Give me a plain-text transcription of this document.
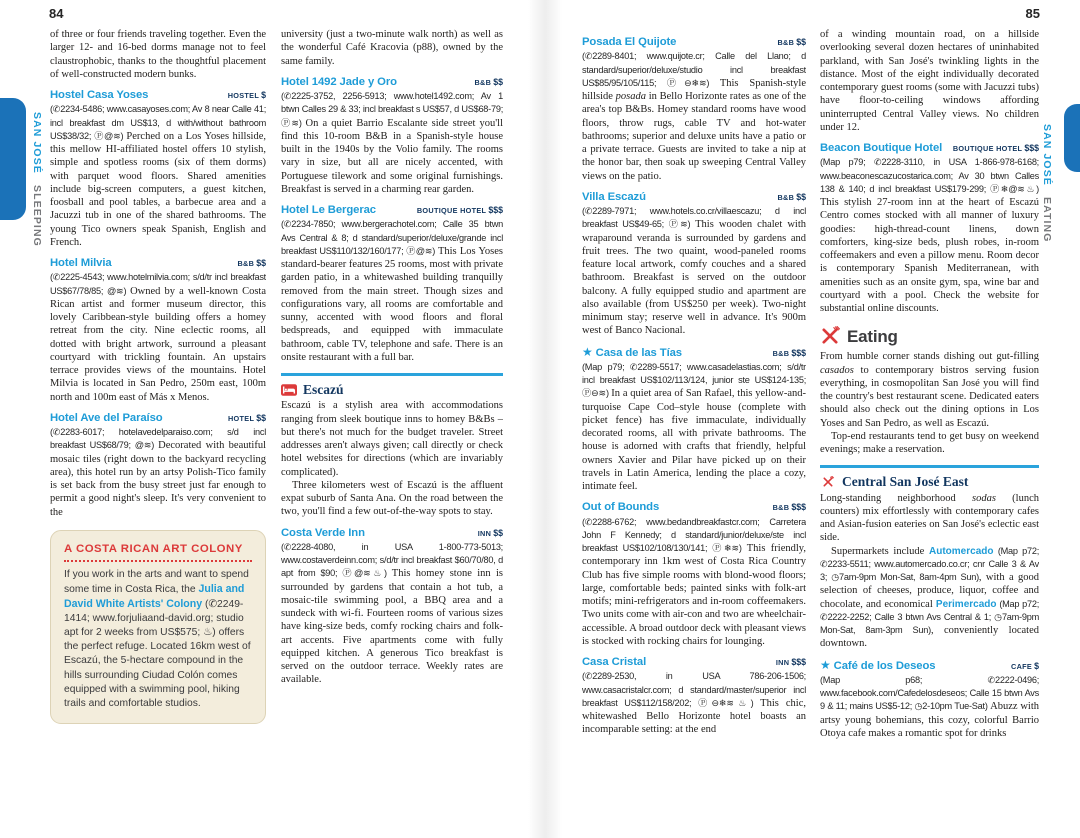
84	85
SAN JOSÉ SLEEPING
SAN JOSÉ EATING

of three or four friends traveling together. Even the larger 12- and 16-bed dorms manage not to feel claustrophobic, thanks to the thoughtful placement of well-constructed modern bunks.

Hostel Casa Yoses	HOSTEL $

(✆2234-5486; www.casayoses.com; Av 8 near Calle 41; incl breakfast dm US$13, d with/without bathroom US$38/32; Ⓟ@≋) Perched on a Los Yoses hillside, this mellow HI-affiliated hostel offers 10 stylish, simple and spotless rooms (six of them dorms) with parquet wood floors. Shared amenities include big-screen computers, a guest kitchen, foosball and pool tables, a barbecue area and a Jacuzzi tub in one of the shared bathrooms. The young Tico owners speak Spanish, English and French.

Hotel Milvia	B&B $$

(✆2225-4543; www.hotelmilvia.com; s/d/tr incl breakfast US$67/78/85; @≋) Owned by a well-known Costa Rican artist and former museum director, this lovely Caribbean-style building offers a homey retreat from the city. Nine eclectic rooms, all dotted with bright artwork, surround a pleasant courtyard with trickling fountain. An upstairs terrace provides views of the mountains. Hotel Milvia is located in San Pedro, 250m east, 100m north and 100m east of Más x Menos.

Hotel Ave del Paraíso	HOTEL $$

(✆2283-6017; hotelavedelparaiso.com; s/d incl breakfast US$68/79; @≋) Decorated with beautiful mosaic tiles (right down to the backyard recycling area), this hotel run by an artsy Polish-Tico family is set back from the busy street just far enough to permit a good night's sleep. It's very convenient to the

A COSTA RICAN ART COLONY

If you work in the arts and want to spend some time in Costa Rica, the Julia and David White Artists' Colony (✆2249-1414; www.forjuliaand-david.org; studio apt for 2 weeks from US$575; ♨) offers the perfect refuge. Located 16km west of Escazú, the 5-hectare compound in the hills surrounding Ciudad Colón comes equipped with a swimming pool, hiking trails and comfortable studios.

university (just a two-minute walk north) as well as the wonderful Café Kracovia (p88), owned by the same family.

Hotel 1492 Jade y Oro	B&B $$

(✆2225-3752, 2256-5913; www.hotel1492.com; Av 1 btwn Calles 29 & 33; incl breakfast s US$57, d US$68-79; Ⓟ≋) On a quiet Barrio Escalante side street you'll find this 10-room B&B in a Spanish-style house built in the 1940s by the Volio family. The rooms vary in size, but all are nicely accented, with Portuguese tilework and some original furnishings. Breakfast is served in a charming rear garden.

Hotel Le Bergerac	BOUTIQUE HOTEL $$$

(✆2234-7850; www.bergerachotel.com; Calle 35 btwn Avs Central & 8; d standard/superior/deluxe/grande incl breakfast US$110/132/160/177; Ⓟ@≋) This Los Yoses standard-bearer features 25 rooms, most with private garden patio, in a whitewashed building tranquilly removed from the main street. Though sizes and configurations vary, all rooms are comfortable and sunny, accented with wood floors and floral bedspreads, and equipped with immaculate bathroom, cable TV, telephone and safe. There is an onsite restaurant with a full bar.

Escazú

Escazú is a stylish area with accommodations ranging from sleek boutique inns to homey B&Bs – but there's not much for the budget traveler. Street addresses aren't always given; call directly or check hotel websites for directions (which are invariably complicated).

Three kilometers west of Escazú is the affluent expat suburb of Santa Ana. On the road between the two, you'll find a few out-of-the-way spots to stay.

Costa Verde Inn	INN $$

(✆2228-4080, in USA 1-800-773-5013; www.costaverdeinn.com; s/d/tr incl breakfast $60/70/80, d apt from $90; Ⓟ@≋♨) This homey stone inn is surrounded by gardens that contain a hot tub, a mosaic-tile swimming pool, a BBQ area and a sundeck with wi-fi. Fourteen rooms of various sizes have king-size beds, comfy rocking chairs and folk-art accents. Five apartments come with fully equipped kitchen. A generous Tico breakfast is served on the outdoor terrace. Weekly rates are available.

Posada El Quijote	B&B $$

(✆2289-8401; www.quijote.cr; Calle del Llano; d standard/superior/deluxe/studio incl breakfast US$85/95/105/115; Ⓟ⊖❄≋) This Spanish-style hillside posada in Bello Horizonte rates as one of the area's top B&Bs. Homey standard rooms have wood floors, throw rugs, cable TV and hot-water bathrooms; superior and deluxe units have a patio or a private terrace. Guests are invited to take a nip at the honor bar, then soak up sweeping Central Valley views on the patio.

Villa Escazú	B&B $$

(✆2289-7971; www.hotels.co.cr/villaescazu; d incl breakfast US$49-65; Ⓟ≋) This wooden chalet with wraparound veranda is surrounded by gardens and fruit trees. The two quaint, wood-paneled rooms feature local artwork, comfy couches and a shared bathroom. Breakfast is served on the outdoor balcony. A fully equipped studio and apartment are also available (from US$250 per week). Two-night minimum stay; reserve well in advance. It's 900m west of Banco Nacional.

★ Casa de las Tías	B&B $$$

(Map p79; ✆2289-5517; www.casadelastias.com; s/d/tr incl breakfast US$102/113/124, junior ste US$124-135; Ⓟ⊖≋) In a quiet area of San Rafael, this yellow-and-turquoise Cape Cod–style house (complete with picket fence) has five immaculate, individually decorated rooms, all with private bathrooms. The house is adorned with crafts that friendly, helpful owners Xavier and Pilar have picked up on their travels in Latin America, lending the place a cozy, intimate feel.

Out of Bounds	B&B $$$

(✆2288-6762; www.bedandbreakfastcr.com; Carretera John F Kennedy; d standard/junior/deluxe/ste incl breakfast US$102/108/130/141; Ⓟ❄≋) This friendly, contemporary inn 1km west of Costa Rica Country Club has five simple rooms with blond-wood floors; large, comfortable beds; painted sinks with folk-art motifs; mini-refrigerators and in-room coffeemakers. Two units come with air-con and two are wheelchair-accessible. A broad outdoor deck with pleasant views is stocked with rocking chairs for lounging.

Casa Cristal	INN $$$

(✆2289-2530, in USA 786-206-1506; www.casacristalcr.com; d standard/master/superior incl breakfast US$112/158/202; Ⓟ⊖❄≋♨) This chic, whitewashed Bello Horizonte hotel boasts an incomparable setting: at the end

of a winding mountain road, on a hillside overlooking several dozen hectares of uninhabited parkland, with San José's twinkling lights in the distance. Most of the eight individually decorated contemporary guest rooms (some with Jacuzzi tubs) have floor-to-ceiling windows affording uninterrupted Central Valley views. No children under 12.

Beacon Boutique Hotel BOUTIQUE HOTEL $$$

(Map p79; ✆2228-3110, in USA 1-866-978-6168; www.beaconescazucostarica.com; Av 30 btwn Calles 138 & 140; d incl breakfast US$179-299; Ⓟ❄@≋♨) This stylish 27-room inn at the heart of Escazú Centro comes stocked with all manner of luxury goodies: high-thread-count linens, down comforters, king-size beds, plush robes, in-room coffeemakers and even a pillow menu. Room decor is contemporary Spanish Mediterranean, with amenities such as an onsite gym, spa, wine bar and courtyard with a pool. Check the website for substantial online discounts.

Eating

From humble corner stands dishing out gut-filling casados to contemporary bistros serving fusion everything, in cosmopolitan San José you will find the country's best restaurant scene. Dedicated eaters should also check out the dining options in Los Yoses and San Pedro, as well as Escazú.

Top-end restaurants tend to get busy on weekend evenings; make a reservation.

Central San José East

Long-standing neighborhood sodas (lunch counters) mix effortlessly with contemporary cafes and Asian-fusion eateries on San José's eclectic east side.

Supermarkets include Automercado (Map p72; ✆2233-5511; www.automercado.co.cr; cnr Calle 3 & Av 3; ◷7am-9pm Mon-Sat, 8am-4pm Sun), with a good selection of cheeses, produce, liquor, coffee and chocolate, and economical Perimercado (Map p72; ✆2222-2252; Calle 3 btwn Avs Central & 1; ◷7am-9pm Mon-Sat, 8am-3pm Sun), conveniently located downtown.

★ Café de los Deseos	CAFE $

(Map p68; ✆2222-0496; www.facebook.com/Cafedelosdeseos; Calle 15 btwn Avs 9 & 11; mains US$5-12; ◷2-10pm Tue-Sat) Abuzz with artsy young bohemians, this cozy, colorful Barrio Otoya cafe makes a romantic spot for drinks
